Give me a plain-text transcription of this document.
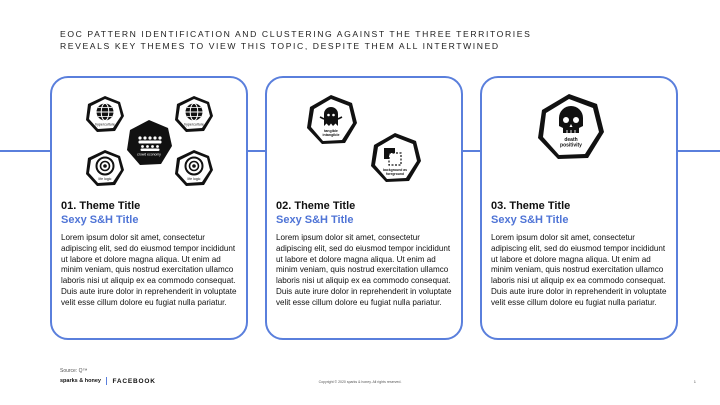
EOC PATTERN IDENTIFICATION AND CLUSTERING AGAINST THE THREE TERRITORIES
REVEALS KEY THEMES TO VIEW THIS TOPIC, DESPITE THEM ALL INTERTWINED
hyperculture	hyperculture
crowd economy
life logic	life logic
01. Theme Title
Sexy S&H Title
Lorem ipsum dolor sit amet, consectetur adipiscing elit, sed do eiusmod tempor incididunt ut labore et dolore magna aliqua. Ut enim ad minim veniam, quis nostrud exercitation ullamco laboris nisi ut aliquip ex ea commodo consequat. Duis aute irure dolor in reprehenderit in voluptate velit esse cillum dolore eu fugiat nulla pariatur.
tangible intangible
background as foreground
02. Theme Title
Sexy S&H Title
Lorem ipsum dolor sit amet, consectetur adipiscing elit, sed do eiusmod tempor incididunt ut labore et dolore magna aliqua. Ut enim ad minim veniam, quis nostrud exercitation ullamco laboris nisi ut aliquip ex ea commodo consequat. Duis aute irure dolor in reprehenderit in voluptate velit esse cillum dolore eu fugiat nulla pariatur.
death positivity
03. Theme Title
Sexy S&H Title
Lorem ipsum dolor sit amet, consectetur adipiscing elit, sed do eiusmod tempor incididunt ut labore et dolore magna aliqua. Ut enim ad minim veniam, quis nostrud exercitation ullamco laboris nisi ut aliquip ex ea commodo consequat. Duis aute irure dolor in reprehenderit in voluptate velit esse cillum dolore eu fugiat nulla pariatur.
Source: Q™
sparks & honey FACEBOOK	Copyright © 2020 sparks & honey. All rights reserved.	1
